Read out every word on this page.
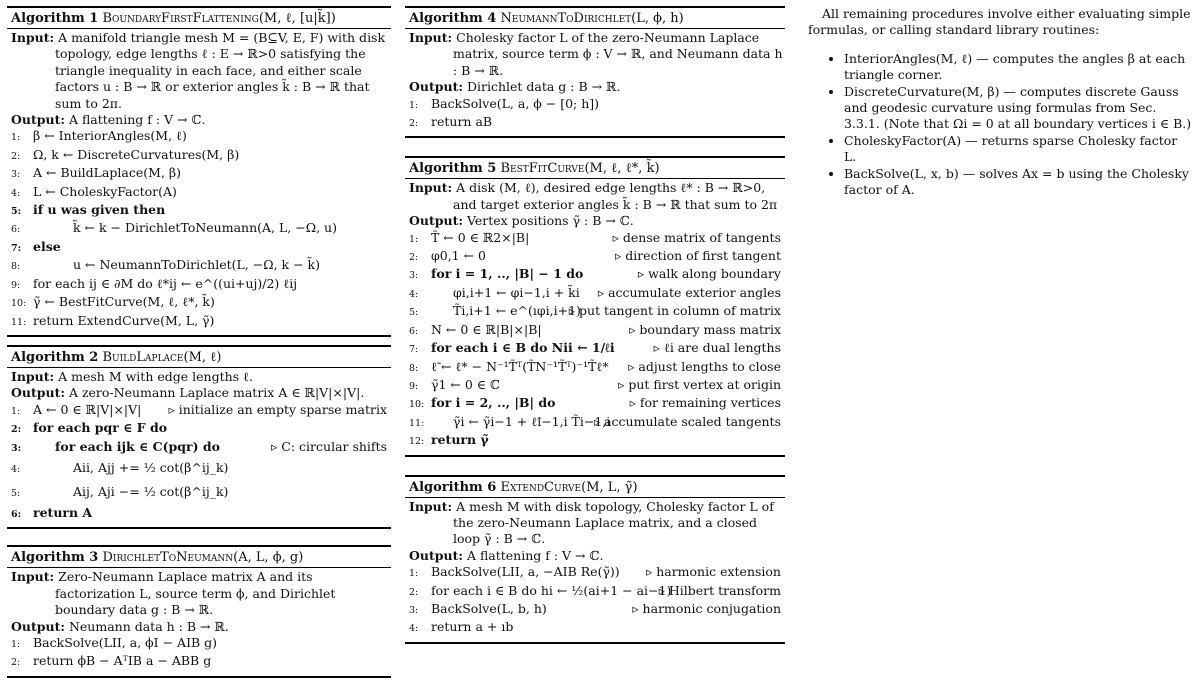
Algorithm 1 BoundaryFirstFlattening(M, ℓ, [u|k̃])
Input: A manifold triangle mesh M = (B⊆V, E, F) with disk topology, edge lengths ℓ : E → ℝ>0 satisfying the triangle inequality in each face, and either scale factors u : B → ℝ or exterior angles k̃ : B → ℝ that sum to 2π.
Output: A flattening f : V → ℂ.
1: β ← InteriorAngles(M, ℓ)
2: Ω, k ← DiscreteCurvatures(M, β)
3: A ← BuildLaplace(M, β)
4: L ← CholeskyFactor(A)
5: if u was given then
6:	k̃ ← k − DirichletToNeumann(A, L, −Ω, u)
7: else
8:	u ← NeumannToDirichlet(L, −Ω, k − k̃)
9: for each ij ∈ ∂M do ℓ*ij ← e^((ui+uj)/2) ℓij
10: γ̃ ← BestFitCurve(M, ℓ, ℓ*, k̃)
11: return ExtendCurve(M, L, γ̃)
Algorithm 2 BuildLaplace(M, ℓ)
Input: A mesh M with edge lengths ℓ.
Output: A zero-Neumann Laplace matrix A ∈ ℝ|V|×|V|.
1: A ← 0 ∈ ℝ|V|×|V| ▹ initialize an empty sparse matrix
2: for each pqr ∈ F do
3:	for each ijk ∈ C(pqr) do	▹ C: circular shifts
4:	Aii, Ajj += ½ cot(β^ij_k)
5:	Aij, Aji −= ½ cot(β^ij_k)
6: return A
Algorithm 3 DirichletToNeumann(A, L, ϕ, g)
Input: Zero-Neumann Laplace matrix A and its factorization L, source term ϕ, and Dirichlet boundary data g : B → ℝ.
Output: Neumann data h : B → ℝ.
1: BackSolve(LII, a, ϕI − AIB g)
2: return ϕB − AᵀIB a − ABB g
Algorithm 4 NeumannToDirichlet(L, ϕ, h)
Input: Cholesky factor L of the zero-Neumann Laplace matrix, source term ϕ : V → ℝ, and Neumann data h : B → ℝ.
Output: Dirichlet data g : B → ℝ.
1: BackSolve(L, a, ϕ − [0; h])
2: return aB
Algorithm 5 BestFitCurve(M, ℓ, ℓ*, k̃)
Input: A disk (M, ℓ), desired edge lengths ℓ* : B → ℝ>0, and target exterior angles k̃ : B → ℝ that sum to 2π
Output: Vertex positions γ̃ : B → ℂ.
1: T̃ ← 0 ∈ ℝ2×|B|	▹ dense matrix of tangents
2: φ0,1 ← 0	▹ direction of first tangent
3: for i = 1, .., |B| − 1 do	▹ walk along boundary
4:	φi,i+1 ← φi−1,i + k̃i ▹ accumulate exterior angles
5:	T̃i,i+1 ← e^(ıφi,i+1)
▹ put tangent in column of matrix
6: N ← 0 ∈ ℝ|B|×|B|	▹ boundary mass matrix
7: for each i ∈ B do Nii ← 1/ℓi	▹ ℓi are dual lengths
8: ℓ̃ ← ℓ* − N⁻¹T̃ᵀ(T̃N⁻¹T̃ᵀ)⁻¹T̃ℓ* ▹ adjust lengths to close
9: γ̃1 ← 0 ∈ ℂ	▹ put first vertex at origin
10: for i = 2, .., |B| do	▹ for remaining vertices
11: γ̃i ← γ̃i−1 + ℓ̃i−1,i T̃i−1,i
▹ accumulate scaled tangents
12: return γ̃
Algorithm 6 ExtendCurve(M, L, γ̃)
Input: A mesh M with disk topology, Cholesky factor L of the zero-Neumann Laplace matrix, and a closed loop γ̃ : B → ℂ.
Output: A flattening f : V → ℂ.
1: BackSolve(LII, a, −AIB Re(γ̃)) ▹ harmonic extension
2: for each i ∈ B do hi ← ½(ai+1 − ai−1)
▹ Hilbert transform
3: BackSolve(L, b, h)	▹ harmonic conjugation
4: return a + ıb

All remaining procedures involve either evaluating simple formulas, or calling standard library routines:

• InteriorAngles(M, ℓ) — computes the angles β at each triangle corner.
• DiscreteCurvature(M, β) — computes discrete Gauss and geodesic curvature using formulas from Sec. 3.3.1. (Note that Ωi = 0 at all boundary vertices i ∈ B.)
• CholeskyFactor(A) — returns sparse Cholesky factor L.
• BackSolve(L, x, b) — solves Ax = b using the Cholesky factor of A.
